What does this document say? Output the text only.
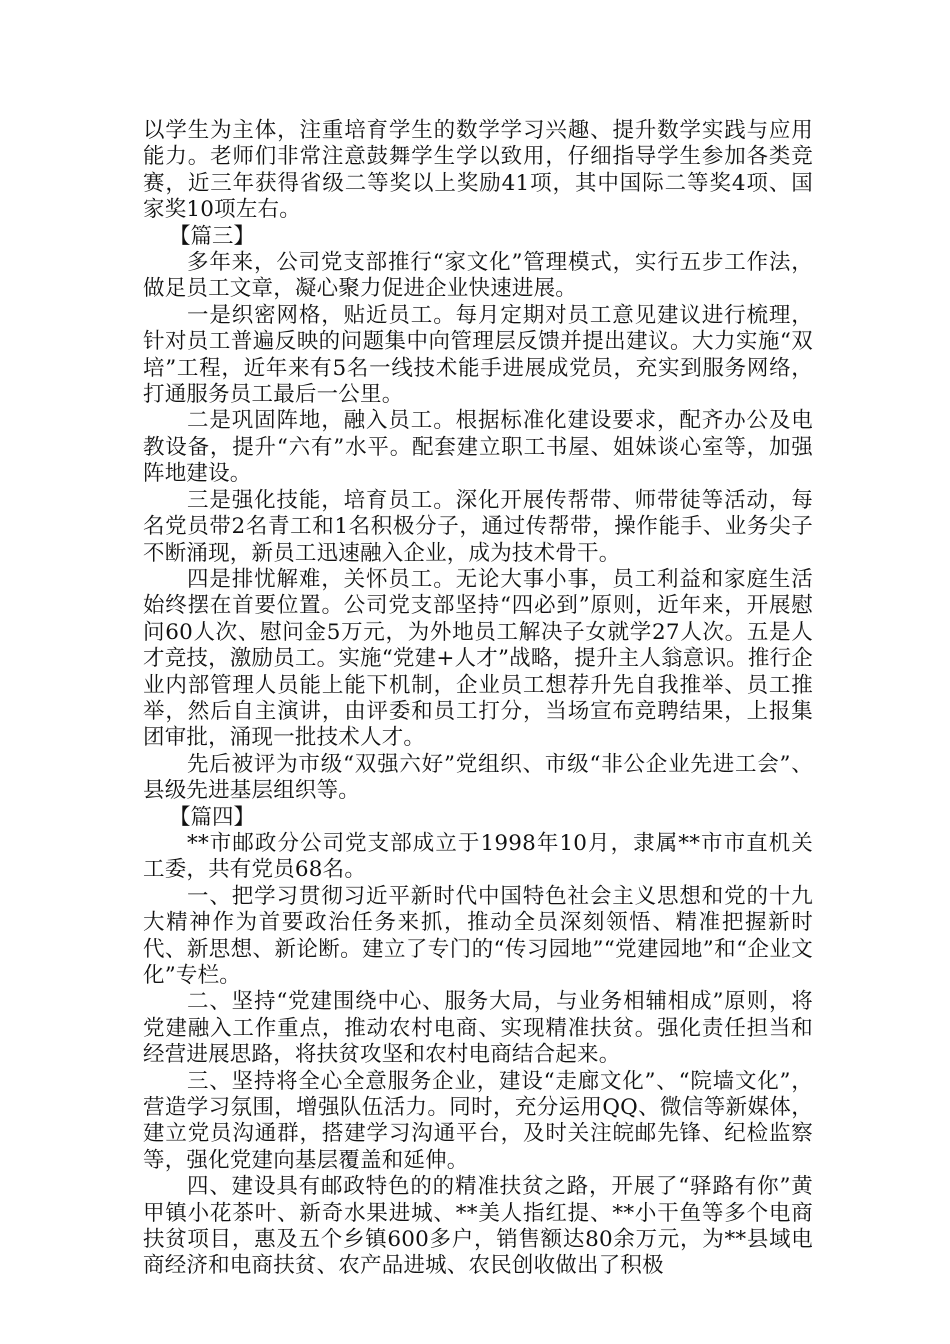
以学生为主体，注重培育学生的数学学习兴趣、提升数学实践与应用能力。老师们非常注意鼓舞学生学以致用，仔细指导学生参加各类竞赛，近三年获得省级二等奖以上奖励41项，其中国际二等奖4项、国家奖10项左右。

【篇三】

多年来，公司党支部推行“家文化”管理模式，实行五步工作法，做足员工文章，凝心聚力促进企业快速进展。

一是织密网格，贴近员工。每月定期对员工意见建议进行梳理，针对员工普遍反映的问题集中向管理层反馈并提出建议。大力实施“双培”工程，近年来有5名一线技术能手进展成党员，充实到服务网络，打通服务员工最后一公里。

二是巩固阵地，融入员工。根据标准化建设要求，配齐办公及电教设备，提升“六有”水平。配套建立职工书屋、姐妹谈心室等，加强阵地建设。

三是强化技能，培育员工。深化开展传帮带、师带徒等活动，每名党员带2名青工和1名积极分子，通过传帮带，操作能手、业务尖子不断涌现，新员工迅速融入企业，成为技术骨干。

四是排忧解难，关怀员工。无论大事小事，员工利益和家庭生活始终摆在首要位置。公司党支部坚持“四必到”原则，近年来，开展慰问60人次、慰问金5万元，为外地员工解决子女就学27人次。五是人才竞技，激励员工。实施“党建+人才”战略，提升主人翁意识。推行企业内部管理人员能上能下机制，企业员工想荐升先自我推举、员工推举，然后自主演讲，由评委和员工打分，当场宣布竞聘结果，上报集团审批，涌现一批技术人才。

先后被评为市级“双强六好”党组织、市级“非公企业先进工会”、县级先进基层组织等。

【篇四】

**市邮政分公司党支部成立于1998年10月，隶属**市市直机关工委，共有党员68名。

一、把学习贯彻习近平新时代中国特色社会主义思想和党的十九大精神作为首要政治任务来抓，推动全员深刻领悟、精准把握新时代、新思想、新论断。建立了专门的“传习园地”“党建园地”和“企业文化”专栏。

二、坚持“党建围绕中心、服务大局，与业务相辅相成”原则，将党建融入工作重点，推动农村电商、实现精准扶贫。强化责任担当和经营进展思路，将扶贫攻坚和农村电商结合起来。

三、坚持将全心全意服务企业，建设“走廊文化”、“院墙文化”，营造学习氛围，增强队伍活力。同时，充分运用QQ、微信等新媒体，建立党员沟通群，搭建学习沟通平台，及时关注皖邮先锋、纪检监察等，强化党建向基层覆盖和延伸。

四、建设具有邮政特色的的精准扶贫之路，开展了“驿路有你”黄甲镇小花茶叶、新奇水果进城、**美人指红提、**小干鱼等多个电商扶贫项目，惠及五个乡镇600多户，销售额达80余万元，为**县域电商经济和电商扶贫、农产品进城、农民创收做出了积极
